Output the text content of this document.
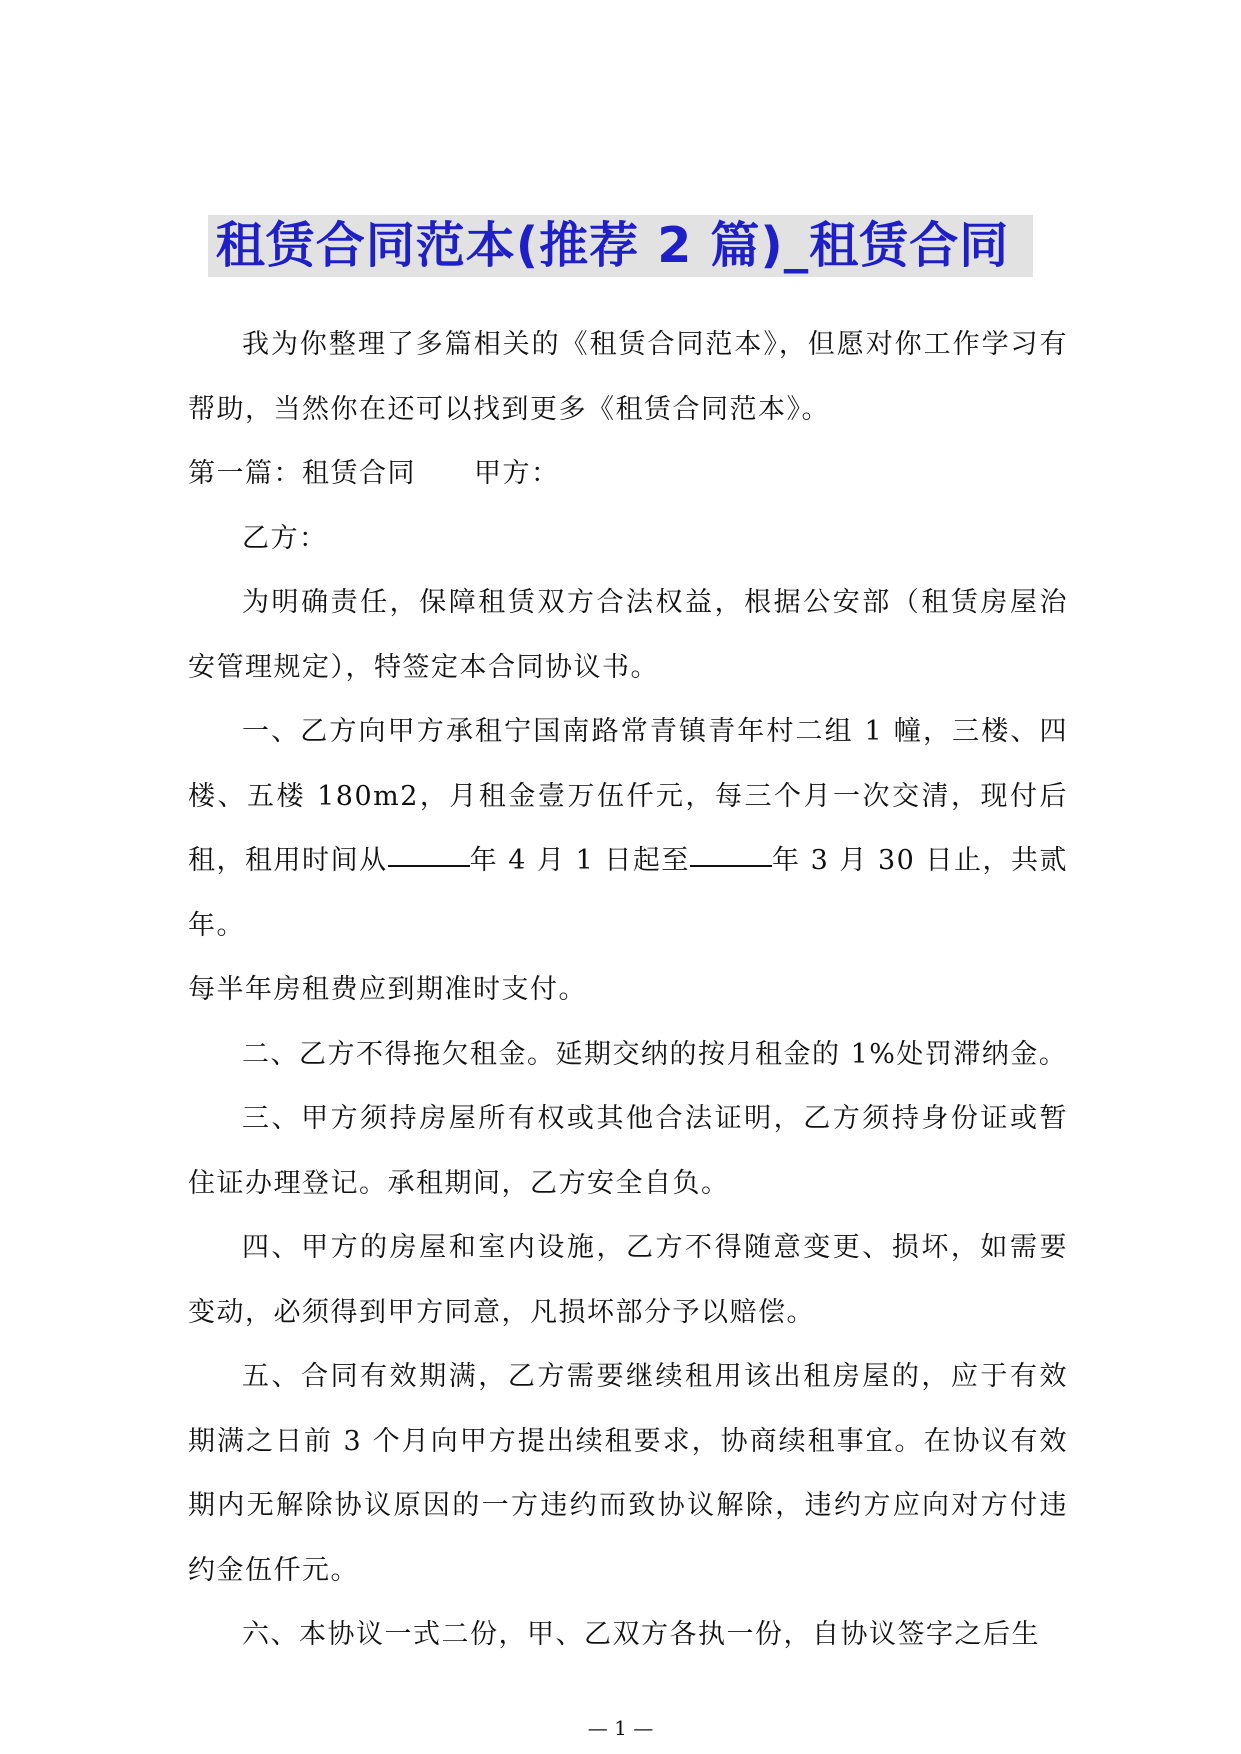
租赁合同范本(推荐 2 篇)_租赁合同

我为你整理了多篇相关的《租赁合同范本》，但愿对你工作学习有帮助，当然你在还可以找到更多《租赁合同范本》。

第一篇：租赁合同 甲方：

乙方：

为明确责任，保障租赁双方合法权益，根据公安部（租赁房屋治安管理规定），特签定本合同协议书。

一、乙方向甲方承租宁国南路常青镇青年村二组 1 幢，三楼、四楼、五楼 180m2，月租金壹万伍仟元，每三个月一次交清，现付后租，租用时间从	年 4 月 1 日起至	年 3 月 30 日止，共贰年。

每半年房租费应到期准时支付。

二、乙方不得拖欠租金。延期交纳的按月租金的 1%处罚滞纳金。

三、甲方须持房屋所有权或其他合法证明，乙方须持身份证或暂住证办理登记。承租期间，乙方安全自负。

四、甲方的房屋和室内设施，乙方不得随意变更、损坏，如需要变动，必须得到甲方同意，凡损坏部分予以赔偿。

五、合同有效期满，乙方需要继续租用该出租房屋的，应于有效期满之日前 3 个月向甲方提出续租要求，协商续租事宜。在协议有效期内无解除协议原因的一方违约而致协议解除，违约方应向对方付违约金伍仟元。

六、本协议一式二份，甲、乙双方各执一份，自协议签字之后生

— 1 —
